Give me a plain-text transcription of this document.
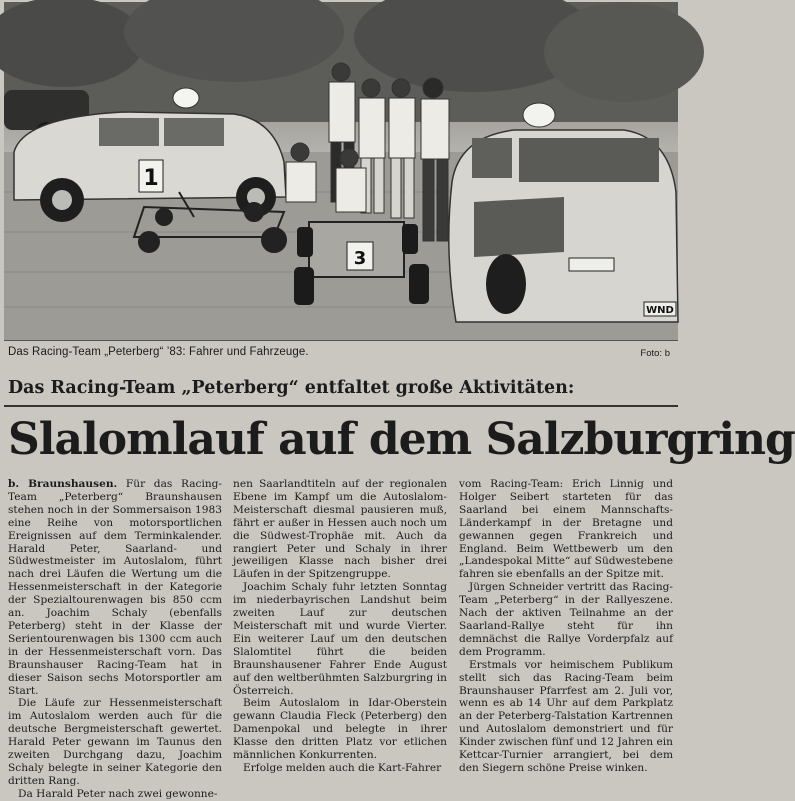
1
3
WND
Das Racing-Team „Peterberg“ ’83: Fahrer und Fahrzeuge.	Foto: b
Das Racing-Team „Peterberg“ entfaltet große Aktivitäten:
Slalomlauf auf dem Salzburgring

b. Braunshausen. Für das Racing-Team „Peterberg“ Braunshausen stehen noch in der Sommersaison 1983 eine Reihe von motorsportlichen Ereignissen auf dem Terminkalender. Harald Peter, Saarland- und Südwestmeister im Autoslalom, führt nach drei Läufen die Wertung um die Hessenmeisterschaft in der Kategorie der Spezialtourenwagen bis 850 ccm an. Joachim Schaly (ebenfalls Peterberg) steht in der Klasse der Serientourenwagen bis 1300 ccm auch in der Hessenmeisterschaft vorn. Das Braunshauser Racing-Team hat in dieser Saison sechs Motorsportler am Start.

Die Läufe zur Hessenmeisterschaft im Autoslalom werden auch für die deutsche Bergmeisterschaft gewertet. Harald Peter gewann im Taunus den zweiten Durchgang dazu, Joachim Schaly belegte in seiner Kategorie den dritten Rang.

Da Harald Peter nach zwei gewonne-

nen Saarlandtiteln auf der regionalen Ebene im Kampf um die Autoslalom-Meisterschaft diesmal pausieren muß, fährt er außer in Hessen auch noch um die Südwest-Trophäe mit. Auch da rangiert Peter und Schaly in ihrer jeweiligen Klasse nach bisher drei Läufen in der Spitzengruppe.

Joachim Schaly fuhr letzten Sonntag im niederbayrischen Landshut beim zweiten Lauf zur deutschen Meisterschaft mit und wurde Vierter. Ein weiterer Lauf um den deutschen Slalomtitel führt die beiden Braunshausener Fahrer Ende August auf den weltberühmten Salzburgring in Österreich.

Beim Autoslalom in Idar-Oberstein gewann Claudia Fleck (Peterberg) den Damenpokal und belegte in ihrer Klasse den dritten Platz vor etlichen männlichen Konkurrenten.

Erfolge melden auch die Kart-Fahrer

vom Racing-Team: Erich Linnig und Holger Seibert starteten für das Saarland bei einem Mannschafts-Länderkampf in der Bretagne und gewannen gegen Frankreich und England. Beim Wettbewerb um den „Landespokal Mitte“ auf Südwestebene fahren sie ebenfalls an der Spitze mit.

Jürgen Schneider vertritt das Racing-Team „Peterberg“ in der Rallyeszene. Nach der aktiven Teilnahme an der Saarland-Rallye steht für ihn demnächst die Rallye Vorderpfalz auf dem Programm.

Erstmals vor heimischem Publikum stellt sich das Racing-Team beim Braunshauser Pfarrfest am 2. Juli vor, wenn es ab 14 Uhr auf dem Parkplatz an der Peterberg-Talstation Kartrennen und Autoslalom demonstriert und für Kinder zwischen fünf und 12 Jahren ein Kettcar-Turnier arrangiert, bei dem den Siegern schöne Preise winken.
